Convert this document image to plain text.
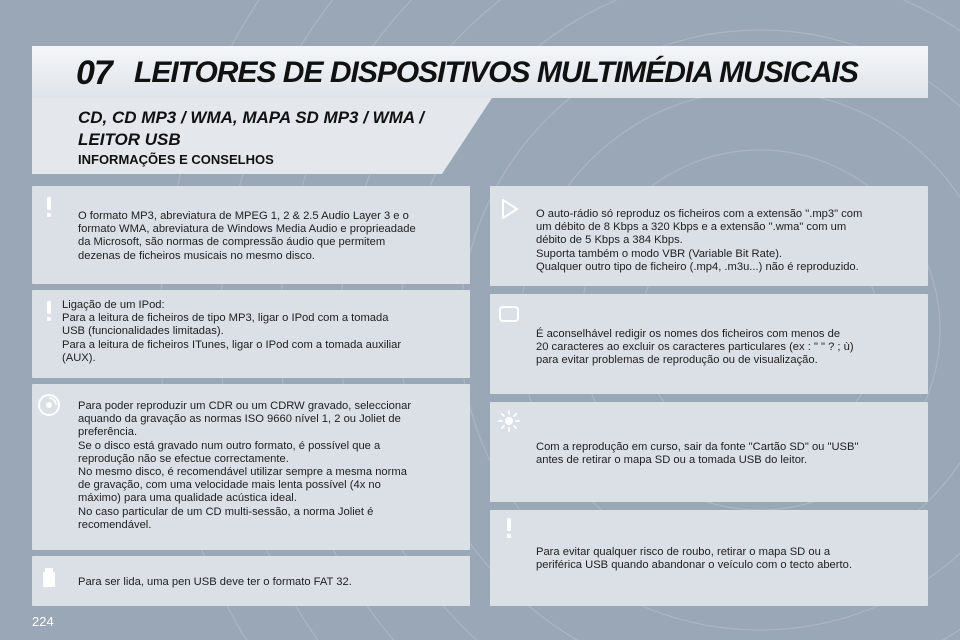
07 LEITORES DE DISPOSITIVOS MULTIMÉDIA MUSICAIS
CD, CD MP3 / WMA, MAPA SD MP3 / WMA /
LEITOR USB
INFORMAÇÕES E CONSELHOS
O formato MP3, abreviatura de MPEG 1, 2 & 2.5 Audio Layer 3 e o
formato WMA, abreviatura de Windows Media Audio e proprieadade
da Microsoft, são normas de compressão áudio que permitem
dezenas de ficheiros musicais no mesmo disco.
Ligação de um IPod:
Para a leitura de ficheiros de tipo MP3, ligar o IPod com a tomada
USB (funcionalidades limitadas).
Para a leitura de ficheiros ITunes, ligar o IPod com a tomada auxiliar
(AUX).
Para poder reproduzir um CDR ou um CDRW gravado, seleccionar
aquando da gravação as normas ISO 9660 nível 1, 2 ou Joliet de
preferência.
Se o disco está gravado num outro formato, é possível que a
reprodução não se efectue correctamente.
No mesmo disco, é recomendável utilizar sempre a mesma norma
de gravação, com uma velocidade mais lenta possível (4x no
máximo) para uma qualidade acústica ideal.
No caso particular de um CD multi-sessão, a norma Joliet é
recomendável.
Para ser lida, uma pen USB deve ter o formato FAT 32.
O auto-rádio só reproduz os ficheiros com a extensão ".mp3" com
um débito de 8 Kbps a 320 Kbps e a extensão ".wma" com um
débito de 5 Kbps a 384 Kbps.
Suporta também o modo VBR (Variable Bit Rate).
Qualquer outro tipo de ficheiro (.mp4, .m3u...) não é reproduzido.
É aconselhável redigir os nomes dos ficheiros com menos de
20 caracteres ao excluir os caracteres particulares (ex : " " ? ; ù)
para evitar problemas de reprodução ou de visualização.
Com a reprodução em curso, sair da fonte "Cartão SD" ou "USB"
antes de retirar o mapa SD ou a tomada USB do leitor.
Para evitar qualquer risco de roubo, retirar o mapa SD ou a
periférica USB quando abandonar o veículo com o tecto aberto.
224
